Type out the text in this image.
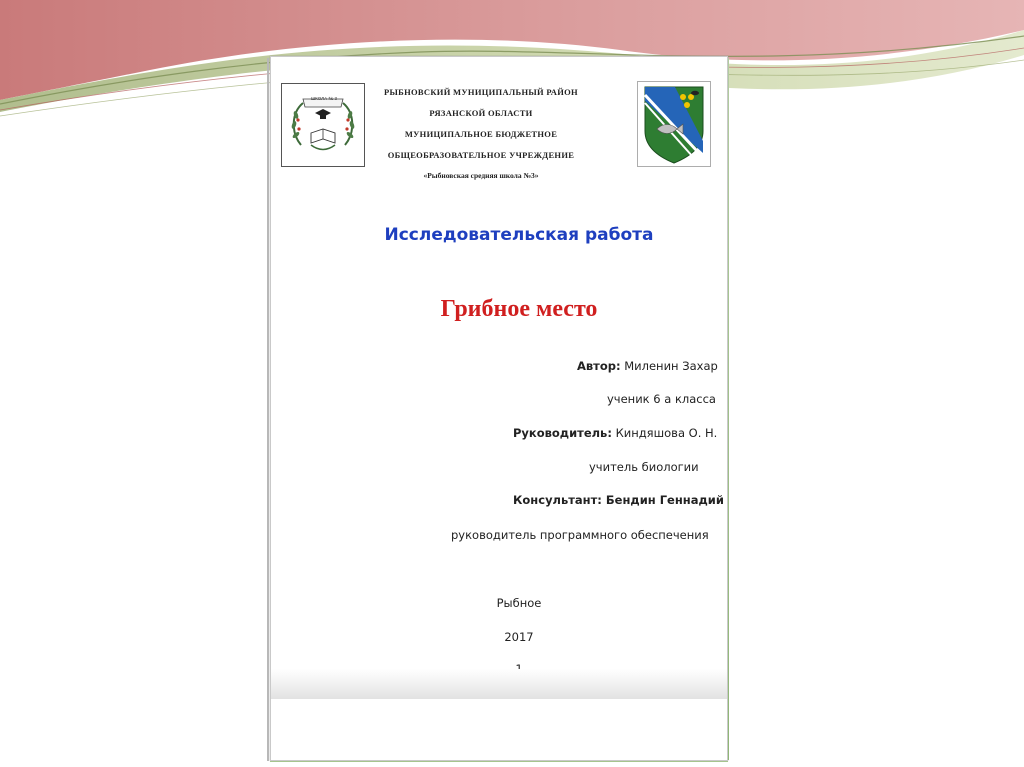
ШКОЛА № 3
РЫБНОВСКИЙ МУНИЦИПАЛЬНЫЙ РАЙОН
РЯЗАНСКОЙ ОБЛАСТИ
МУНИЦИПАЛЬНОЕ БЮДЖЕТНОЕ
ОБЩЕОБРАЗОВАТЕЛЬНОЕ УЧРЕЖДЕНИЕ
«Рыбновская средняя школа №3»
Исследовательская работа
Грибное место
Автор: Миленин Захар
ученик 6 а класса
Руководитель: Киндяшова О. Н.
учитель биологии
Консультант: Бендин Геннадий
руководитель программного обеспечения
Рыбное
2017
